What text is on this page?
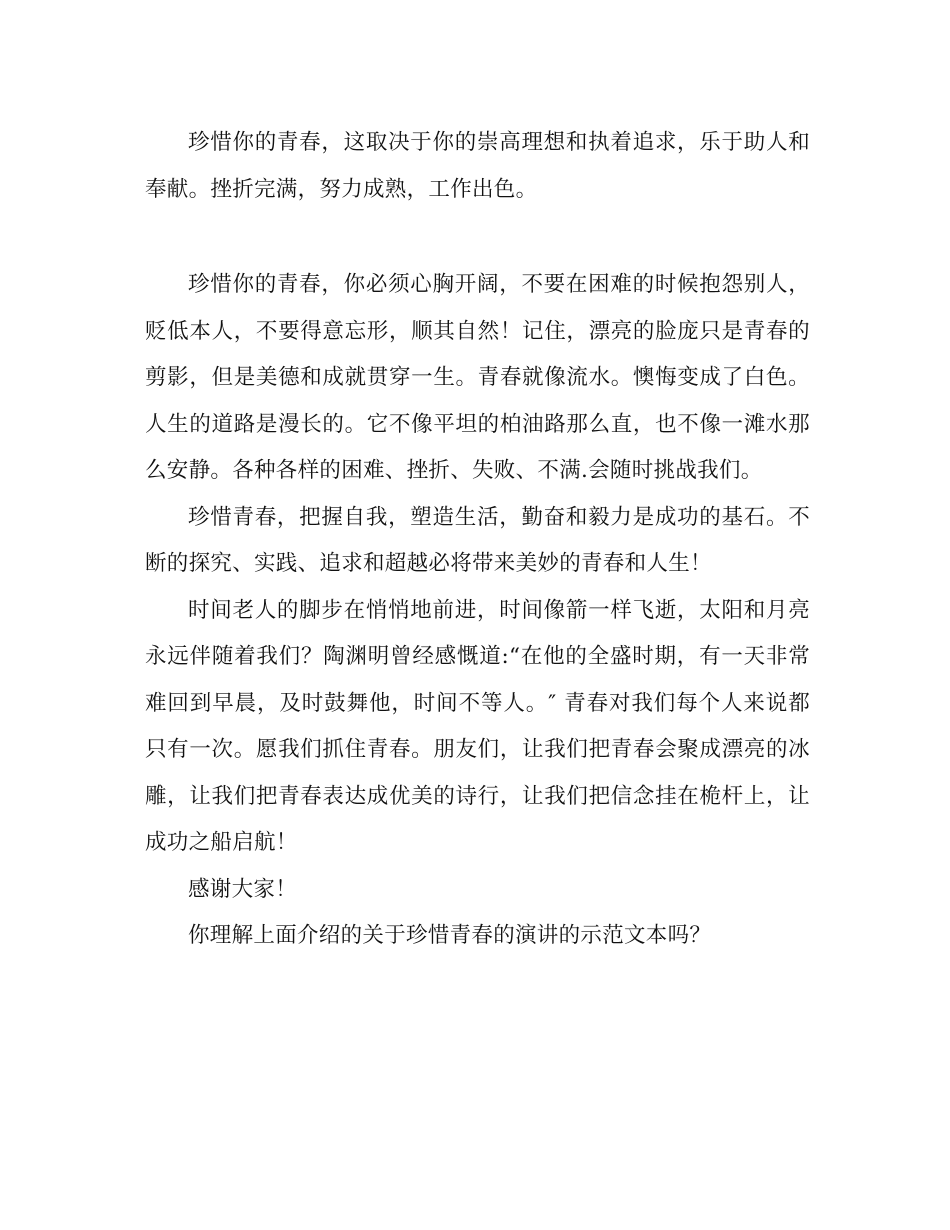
珍惜你的青春，这取决于你的崇高理想和执着追求，乐于助人和奉献。挫折完满，努力成熟，工作出色。

珍惜你的青春，你必须心胸开阔，不要在困难的时候抱怨别人，贬低本人，不要得意忘形，顺其自然！记住，漂亮的脸庞只是青春的剪影，但是美德和成就贯穿一生。青春就像流水。懊悔变成了白色。人生的道路是漫长的。它不像平坦的柏油路那么直，也不像一滩水那么安静。各种各样的困难、挫折、失败、不满.会随时挑战我们。

珍惜青春，把握自我，塑造生活，勤奋和毅力是成功的基石。不断的探究、实践、追求和超越必将带来美妙的青春和人生！

时间老人的脚步在悄悄地前进，时间像箭一样飞逝，太阳和月亮永远伴随着我们？陶渊明曾经感慨道:“在他的全盛时期，有一天非常难回到早晨，及时鼓舞他，时间不等人。″ 青春对我们每个人来说都只有一次。愿我们抓住青春。朋友们，让我们把青春会聚成漂亮的冰雕，让我们把青春表达成优美的诗行，让我们把信念挂在桅杆上，让成功之船启航！

感谢大家！

你理解上面介绍的关于珍惜青春的演讲的示范文本吗？
